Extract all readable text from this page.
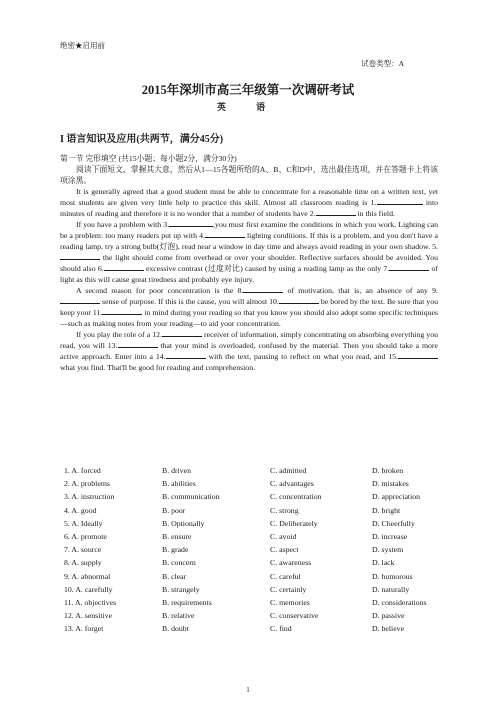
绝密★启用前
试卷类型：A
2015年深圳市高三年级第一次调研考试
英 语
I 语言知识及应用(共两节，满分45分)

第一节 完形填空 (共15小题；每小题2分，满分30分)

阅读下面短文，掌握其大意，然后从1—15各题所给的A、B、C和D中，选出最佳选项，并在答题卡上将该项涂黑。

It is generally agreed that a good student must be able to concentrate for a reasonable time on a written text, yet most students are given very little help to practice this skill. Almost all classroom reading is 1.	into minutes of reading and therefore it is no wonder that a number of students have 2.	in this field.

If you have a problem with 3.	,you must first examine the conditions in which you work. Lighting can be a problem: too many readers put up with 4.	lighting conditions. If this is a problem, and you don't have a reading lamp, try a strong bulb(灯泡), read near a window in day time and always avoid reading in your own shadow. 5. the light should come from overhead or over your shoulder. Reflective surfaces should be avoided. You should also 6.	excessive contrast (过度对比) caused by using a reading lamp as the only 7.	of light as this will cause great tiredness and probably eye injury.

A second reason for poor concentration is the 8.	of motivation, that is, an absence of any 9. sense of purpose. If this is the cause, you will almost 10.	be bored by the text. Be sure that you keep your 11.	in mind during your reading so that you know you should also adopt some specific techniques—such as making notes from your reading—to aid your concentration.

If you play the role of a 12.	receiver of information, simply concentrating on absorbing everything you read, you will 13.	that your mind is overloaded, confused by the material. Then you should take a more active approach. Enter into a 14.	with the text, pausing to reflect on what you read, and 15. what you find. That'll be good for reading and comprehension.

1. A. forced	B. driven	C. admitted	D. broken
2. A. problems	B. abilities	C. advantages	D. mistakes
3. A. instruction	B. communication	C. concentration	D. appreciation
4. A. good	B. poor	C. strong	D. bright
5. A. Ideally	B. Optionally	C. Deliberately	D. Cheerfully
6. A. promote	B. ensure	C. avoid	D. increase
7. A. source	B. grade	C. aspect	D. system
8. A. supply	B. concern	C. awareness	D. lack
9. A. abnormal	B. clear	C. careful	D. humorous
10. A. carefully	B. strangely	C. certainly	D. naturally
11. A. objectives	B. requirements	C. memories	D. considerations
12. A. sensitive	B. relative	C. conservative	D. passive
13. A. forget	B. doubt	C. find	D. believe
1
